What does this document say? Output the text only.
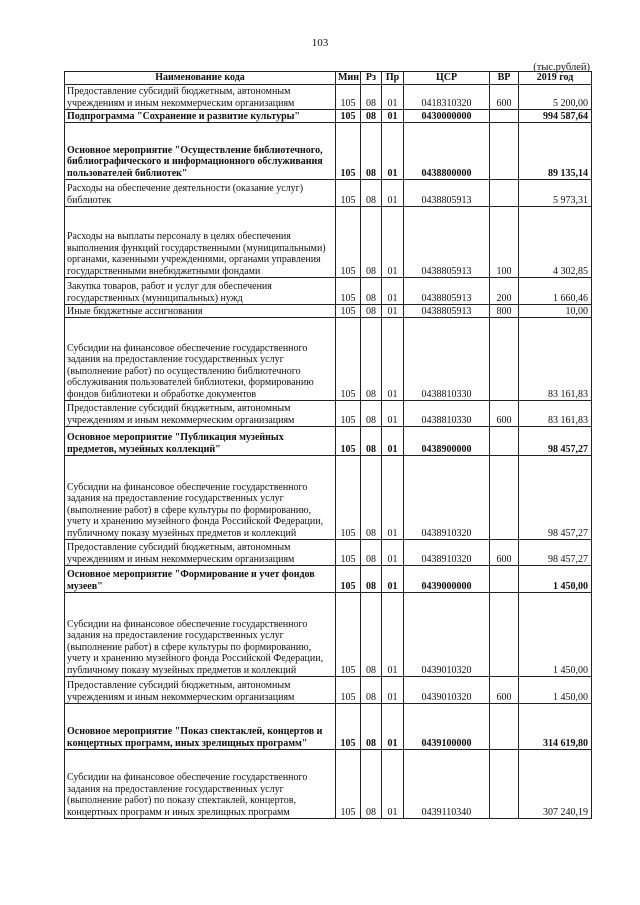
103
(тыс.рублей)
Наименование кода	Мин	Рз	Пр	ЦСР	ВР	2019 год
Предоставление субсидий бюджетным, автономным учреждениям и иным некоммерческим организациям	105	08	01	0418310320	600	5 200,00
Подпрограмма "Сохранение и развитие культуры"	105	08	01	0430000000		994 587,64
Основное мероприятие "Осуществление библиотечного, библиографического и информационного обслуживания пользователей библиотек"	105	08	01	0438800000		89 135,14
Расходы на обеспечение деятельности (оказание услуг) библиотек	105	08	01	0438805913		5 973,31
Расходы на выплаты персоналу в целях обеспечения выполнения функций государственными (муниципальными) органами, казенными учреждениями, органами управления государственными внебюджетными фондами	105	08	01	0438805913	100	4 302,85
Закупка товаров, работ и услуг для обеспечения государственных (муниципальных) нужд	105	08	01	0438805913	200	1 660,46
Иные бюджетные ассигнования	105	08	01	0438805913	800	10,00
Субсидии на финансовое обеспечение государственного задания на предоставление государственных услуг (выполнение работ) по осуществлению библиотечного обслуживания пользователей библиотеки, формированию фондов библиотеки и обработке документов	105	08	01	0438810330		83 161,83
Предоставление субсидий бюджетным, автономным учреждениям и иным некоммерческим организациям	105	08	01	0438810330	600	83 161,83
Основное мероприятие "Публикация музейных предметов, музейных коллекций"	105	08	01	0438900000		98 457,27
Субсидии на финансовое обеспечение государственного задания на предоставление государственных услуг (выполнение работ) в сфере культуры по формированию, учету и хранению музейного фонда Российской Федерации, публичному показу музейных предметов и коллекций	105	08	01	0438910320		98 457,27
Предоставление субсидий бюджетным, автономным учреждениям и иным некоммерческим организациям	105	08	01	0438910320	600	98 457,27
Основное мероприятие "Формирование и учет фондов музеев"	105	08	01	0439000000		1 450,00
Субсидии на финансовое обеспечение государственного задания на предоставление государственных услуг (выполнение работ) в сфере культуры по формированию, учету и хранению музейного фонда Российской Федерации, публичному показу музейных предметов и коллекций	105	08	01	0439010320		1 450,00
Предоставление субсидий бюджетным, автономным учреждениям и иным некоммерческим организациям	105	08	01	0439010320	600	1 450,00
Основное мероприятие "Показ спектаклей, концертов и концертных программ, иных зрелищных программ"	105	08	01	0439100000		314 619,80
Субсидии на финансовое обеспечение государственного задания на предоставление государственных услуг (выполнение работ) по показу спектаклей, концертов, концертных программ и иных зрелищных программ	105	08	01	0439110340		307 240,19
